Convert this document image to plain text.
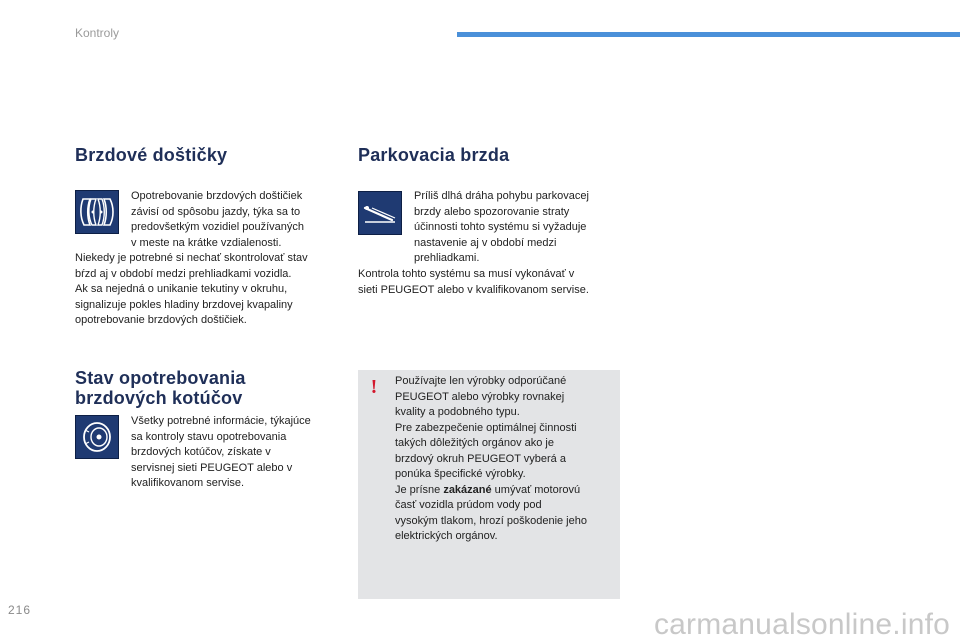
Kontroly
Brzdové doštičky

Opotrebovanie brzdových doštičiek

závisí od spôsobu jazdy, týka sa to

predovšetkým vozidiel používaných

v meste na krátke vzdialenosti.

Niekedy je potrebné si nechať skontrolovať stav

bŕzd aj v období medzi prehliadkami vozidla.

Ak sa nejedná o unikanie tekutiny v okruhu,

signalizuje pokles hladiny brzdovej kvapaliny

opotrebovanie brzdových doštičiek.

Stav opotrebovania
brzdových kotúčov

Všetky potrebné informácie, týkajúce

sa kontroly stavu opotrebovania

brzdových kotúčov, získate v

servisnej sieti PEUGEOT alebo v

kvalifikovanom servise.

Parkovacia brzda

Príliš dlhá dráha pohybu parkovacej

brzdy alebo spozorovanie straty

účinnosti tohto systému si vyžaduje

nastavenie aj v období medzi

prehliadkami.

Kontrola tohto systému sa musí vykonávať v

sieti PEUGEOT alebo v kvalifikovanom servise.

! Používajte len výrobky odporúčané

PEUGEOT alebo výrobky rovnakej

kvality a podobného typu.

Pre zabezpečenie optimálnej činnosti

takých dôležitých orgánov ako je

brzdový okruh PEUGEOT vyberá a

ponúka špecifické výrobky.

Je prísne zakázané umývať motorovú

časť vozidla prúdom vody pod

vysokým tlakom, hrozí poškodenie jeho

elektrických orgánov.

216	carmanualsonline.info
